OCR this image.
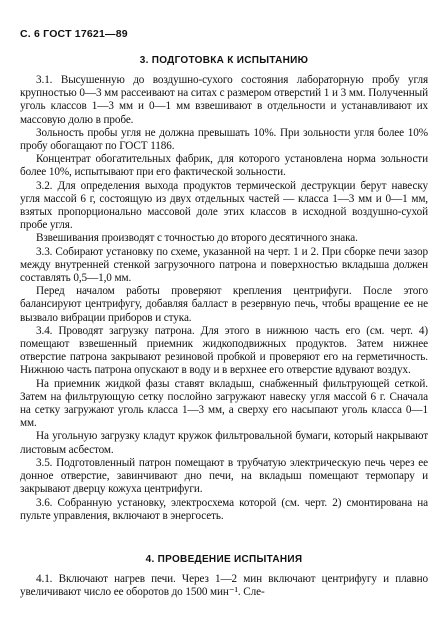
С. 6 ГОСТ 17621—89
3. ПОДГОТОВКА К ИСПЫТАНИЮ

3.1. Высушенную до воздушно-сухого состояния лабораторную пробу угля крупностью 0—3 мм рассеивают на ситах с размером отверстий 1 и 3 мм. Полученный уголь классов 1—3 мм и 0—1 мм взвешивают в отдельности и устанавливают их массовую долю в пробе.

Зольность пробы угля не должна превышать 10%. При зольности угля более 10% пробу обогащают по ГОСТ 1186.

Концентрат обогатительных фабрик, для которого установлена норма зольности более 10%, испытывают при его фактической зольности.

3.2. Для определения выхода продуктов термической деструкции берут навеску угля массой 6 г, состоящую из двух отдельных частей — класса 1—3 мм и 0—1 мм, взятых пропорционально массовой доле этих классов в исходной воздушно-сухой пробе угля.

Взвешивания производят с точностью до второго десятичного знака.

3.3. Собирают установку по схеме, указанной на черт. 1 и 2. При сборке печи зазор между внутренней стенкой загрузочного патрона и поверхностью вкладыша должен составлять 0,5—1,0 мм.

Перед началом работы проверяют крепления центрифуги. После этого балансируют центрифугу, добавляя балласт в резервную печь, чтобы вращение ее не вызвало вибрации приборов и стука.

3.4. Проводят загрузку патрона. Для этого в нижнюю часть его (см. черт. 4) помещают взвешенный приемник жидкоподвижных продуктов. Затем нижнее отверстие патрона закрывают резиновой пробкой и проверяют его на герметичность. Нижнюю часть патрона опускают в воду и в верхнее его отверстие вдувают воздух.

На приемник жидкой фазы ставят вкладыш, снабженный фильтрующей сеткой. Затем на фильтрующую сетку послойно загружают навеску угля массой 6 г. Сначала на сетку загружают уголь класса 1—3 мм, а сверху его насыпают уголь класса 0—1 мм.

На угольную загрузку кладут кружок фильтровальной бумаги, который накрывают листовым асбестом.

3.5. Подготовленный патрон помещают в трубчатую электрическую печь через ее донное отверстие, завинчивают дно печи, на вкладыш помещают термопару и закрывают дверцу кожуха центрифуги.

3.6. Собранную установку, электросхема которой (см. черт. 2) смонтирована на пульте управления, включают в энергосеть.

4. ПРОВЕДЕНИЕ ИСПЫТАНИЯ

4.1. Включают нагрев печи. Через 1—2 мин включают центрифугу и плавно увеличивают число ее оборотов до 1500 мин⁻¹. Сле-
